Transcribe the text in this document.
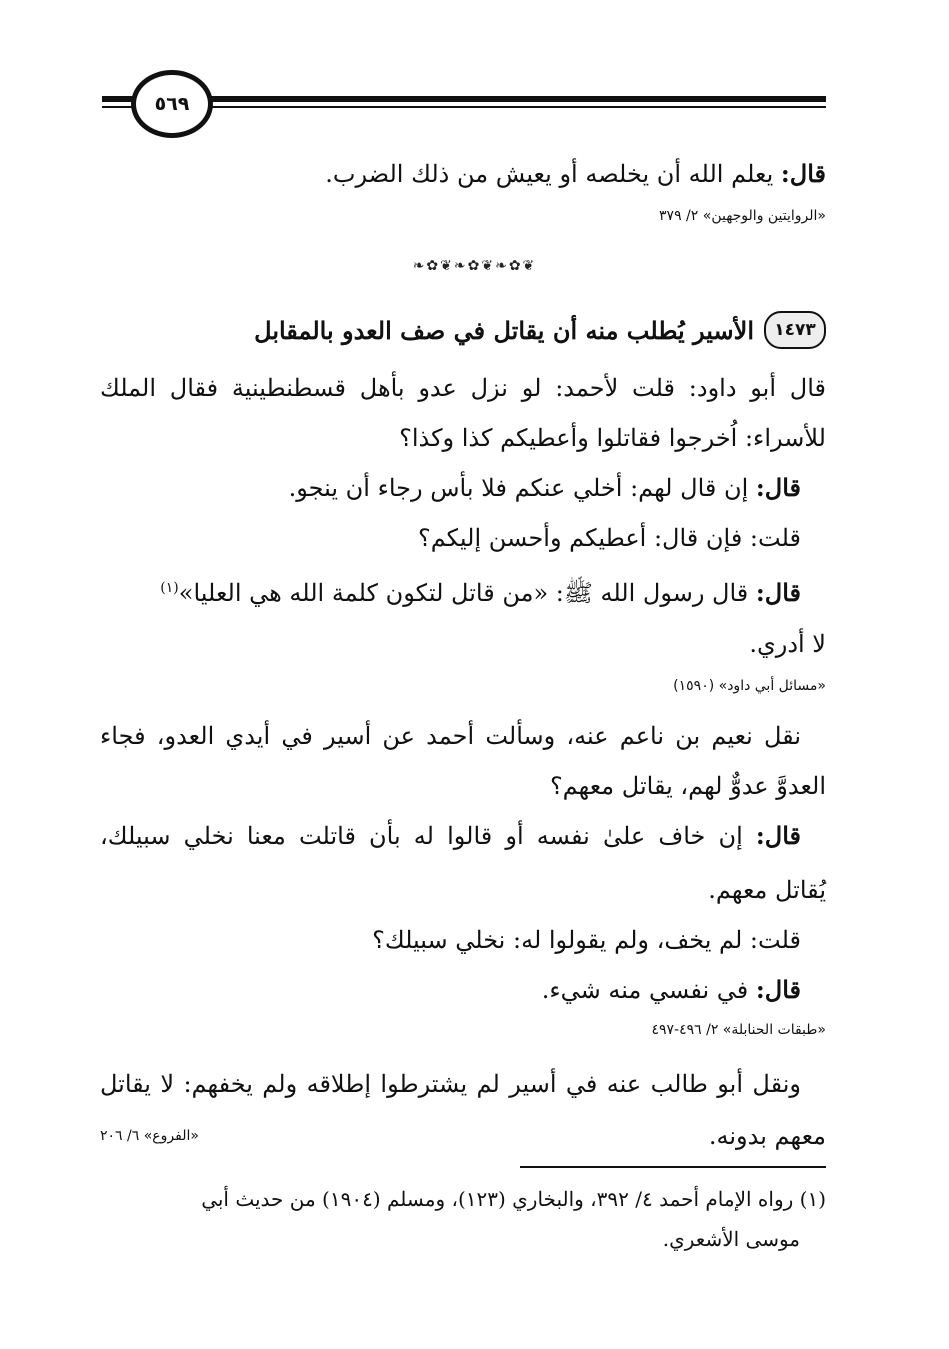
٥٦٩
قال: يعلم الله أن يخلصه أو يعيش من ذلك الضرب.
«الروايتين والوجهين» ٢/ ٣٧٩
❧✿❦❧✿❦❧✿❦
١٤٧٣
الأسير يُطلب منه أن يقاتل في صف العدو بالمقابل
قال أبو داود: قلت لأحمد: لو نزل عدو بأهل قسطنطينية فقال الملك
للأسراء: اُخرجوا فقاتلوا وأعطيكم كذا وكذا؟
قال: إن قال لهم: أخلي عنكم فلا بأس رجاء أن ينجو.
قلت: فإن قال: أعطيكم وأحسن إليكم؟
قال: قال رسول الله ﷺ: «من قاتل لتكون كلمة الله هي العليا»$^{(١)}$
لا أدري.
«مسائل أبي داود» (١٥٩٠)
نقل نعيم بن ناعم عنه، وسألت أحمد عن أسير في أيدي العدو، فجاء
العدوَّ عدوٌّ لهم، يقاتل معهم؟
قال: إن خاف علىٰ نفسه أو قالوا له بأن قاتلت معنا نخلي سبيلك،
يُقاتل معهم.
قلت: لم يخف، ولم يقولوا له: نخلي سبيلك؟
قال: في نفسي منه شيء.
«طبقات الحنابلة» ٢/ ٤٩٦-٤٩٧
ونقل أبو طالب عنه في أسير لم يشترطوا إطلاقه ولم يخفهم: لا يقاتل
معهم بدونه.
«الفروع» ٦/ ٢٠٦
(١) رواه الإمام أحمد ٤/ ٣٩٢، والبخاري (١٢٣)، ومسلم (١٩٠٤) من حديث أبي
موسى الأشعري.
